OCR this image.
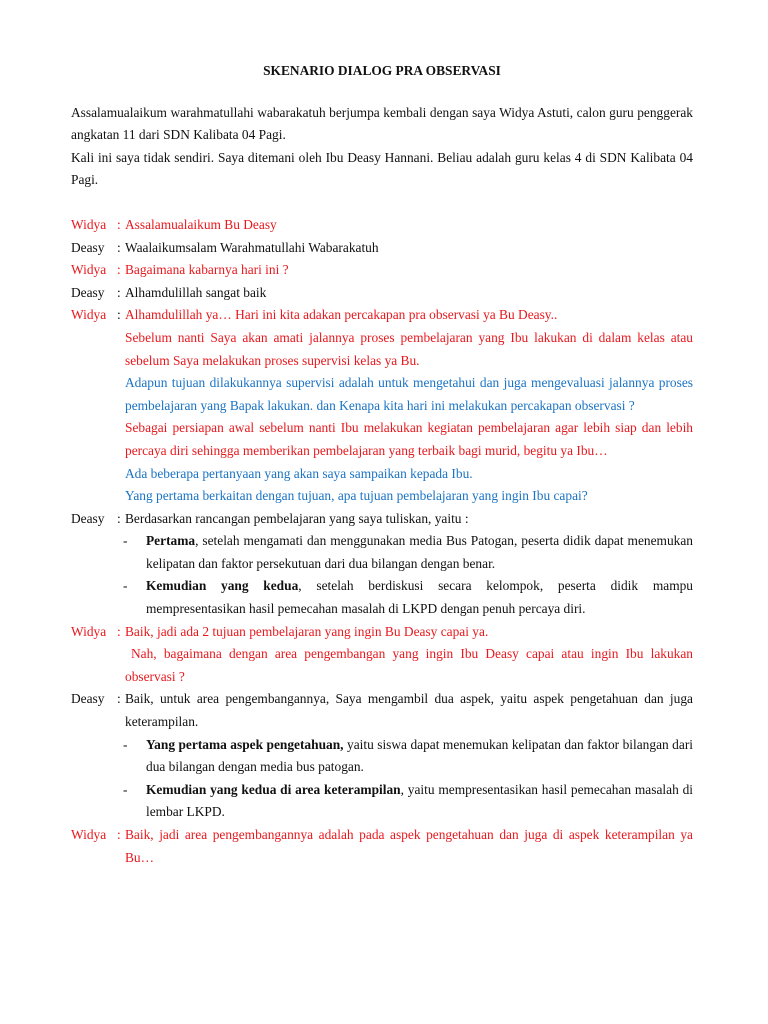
SKENARIO DIALOG PRA OBSERVASI
Assalamualaikum warahmatullahi wabarakatuh berjumpa kembali dengan saya Widya Astuti, calon guru penggerak angkatan 11 dari SDN Kalibata 04 Pagi.
Kali ini saya tidak sendiri. Saya ditemani oleh Ibu Deasy Hannani. Beliau adalah guru kelas 4 di SDN Kalibata 04 Pagi.
Widya : Assalamualaikum Bu Deasy
Deasy : Waalaikumsalam Warahmatullahi Wabarakatuh
Widya : Bagaimana kabarnya hari ini ?
Deasy : Alhamdulillah sangat baik
Widya : Alhamdulillah ya… Hari ini kita adakan percakapan pra observasi ya Bu Deasy..
Sebelum nanti Saya akan amati jalannya proses pembelajaran yang Ibu lakukan di dalam kelas atau sebelum Saya melakukan proses supervisi kelas ya Bu.
Adapun tujuan dilakukannya supervisi adalah untuk mengetahui dan juga mengevaluasi jalannya proses pembelajaran yang Bapak lakukan. dan Kenapa kita hari ini melakukan percakapan observasi ?
Sebagai persiapan awal sebelum nanti Ibu melakukan kegiatan pembelajaran agar lebih siap dan lebih percaya diri sehingga memberikan pembelajaran yang terbaik bagi murid, begitu ya Ibu…
Ada beberapa pertanyaan yang akan saya sampaikan kepada Ibu.
Yang pertama berkaitan dengan tujuan, apa tujuan pembelajaran yang ingin Ibu capai?
Deasy : Berdasarkan rancangan pembelajaran yang saya tuliskan, yaitu :
-	Pertama, setelah mengamati dan menggunakan media Bus Patogan, peserta didik dapat menemukan kelipatan dan faktor persekutuan dari dua bilangan dengan benar.
-	Kemudian yang kedua, setelah berdiskusi secara kelompok, peserta didik mampu mempresentasikan hasil pemecahan masalah di LKPD dengan penuh percaya diri.
Widya : Baik, jadi ada 2 tujuan pembelajaran yang ingin Bu Deasy capai ya.
Nah, bagaimana dengan area pengembangan yang ingin Ibu Deasy capai atau ingin Ibu lakukan observasi ?
Deasy : Baik, untuk area pengembangannya, Saya mengambil dua aspek, yaitu aspek pengetahuan dan juga keterampilan.
-	Yang pertama aspek pengetahuan, yaitu siswa dapat menemukan kelipatan dan faktor bilangan dari dua bilangan dengan media bus patogan.
-	Kemudian yang kedua di area keterampilan, yaitu mempresentasikan hasil pemecahan masalah di lembar LKPD.
Widya : Baik, jadi area pengembangannya adalah pada aspek pengetahuan dan juga di aspek keterampilan ya Bu…
